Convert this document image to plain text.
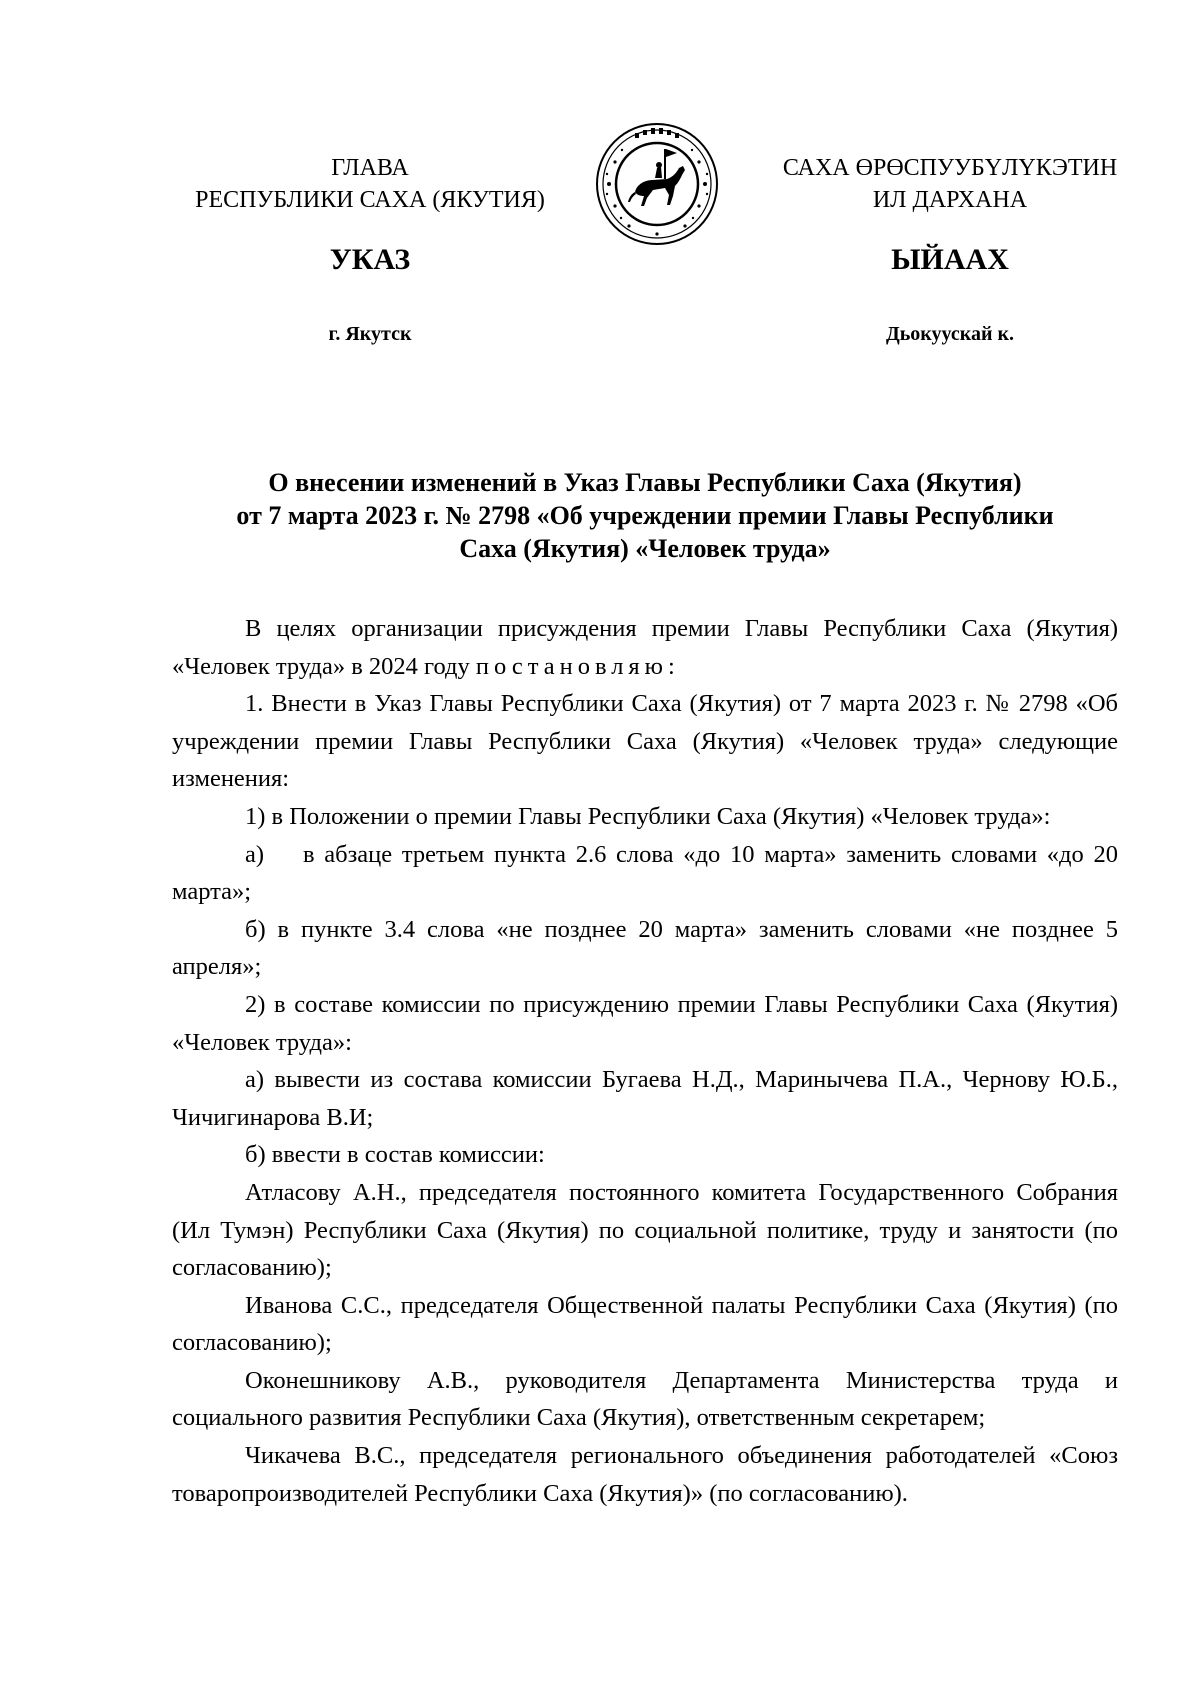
ГЛАВА
РЕСПУБЛИКИ САХА (ЯКУТИЯ)
САХА ӨРӨСПУУБҮЛҮКЭТИН
ИЛ ДАРХАНА
УКАЗ	ЫЙААХ
г. Якутск	Дьокуускай к.
О внесении изменений в Указ Главы Республики Саха (Якутия)
от 7 марта 2023 г. № 2798 «Об учреждении премии Главы Республики
Саха (Якутия) «Человек труда»

В целях организации присуждения премии Главы Республики Саха (Якутия) «Человек труда» в 2024 году постановляю:

1. Внести в Указ Главы Республики Саха (Якутия) от 7 марта 2023 г. № 2798 «Об учреждении премии Главы Республики Саха (Якутия) «Человек труда» следующие изменения:

1) в Положении о премии Главы Республики Саха (Якутия) «Человек труда»:

а)    в абзаце третьем пункта 2.6 слова «до 10 марта» заменить словами «до 20 марта»;

б) в пункте 3.4 слова «не позднее 20 марта» заменить словами «не позднее 5 апреля»;

2) в составе комиссии по присуждению премии Главы Республики Саха (Якутия) «Человек труда»:

а) вывести из состава комиссии Бугаева Н.Д., Маринычева П.А., Чернову Ю.Б., Чичигинарова В.И;

б) ввести в состав комиссии:

Атласову А.Н., председателя постоянного комитета Государственного Собрания (Ил Тумэн) Республики Саха (Якутия) по социальной политике, труду и занятости (по согласованию);

Иванова С.С., председателя Общественной палаты Республики Саха (Якутия) (по согласованию);

Оконешникову А.В., руководителя Департамента Министерства труда и социального развития Республики Саха (Якутия), ответственным секретарем;

Чикачева В.С., председателя регионального объединения работодателей «Союз товаропроизводителей Республики Саха (Якутия)» (по согласованию).
